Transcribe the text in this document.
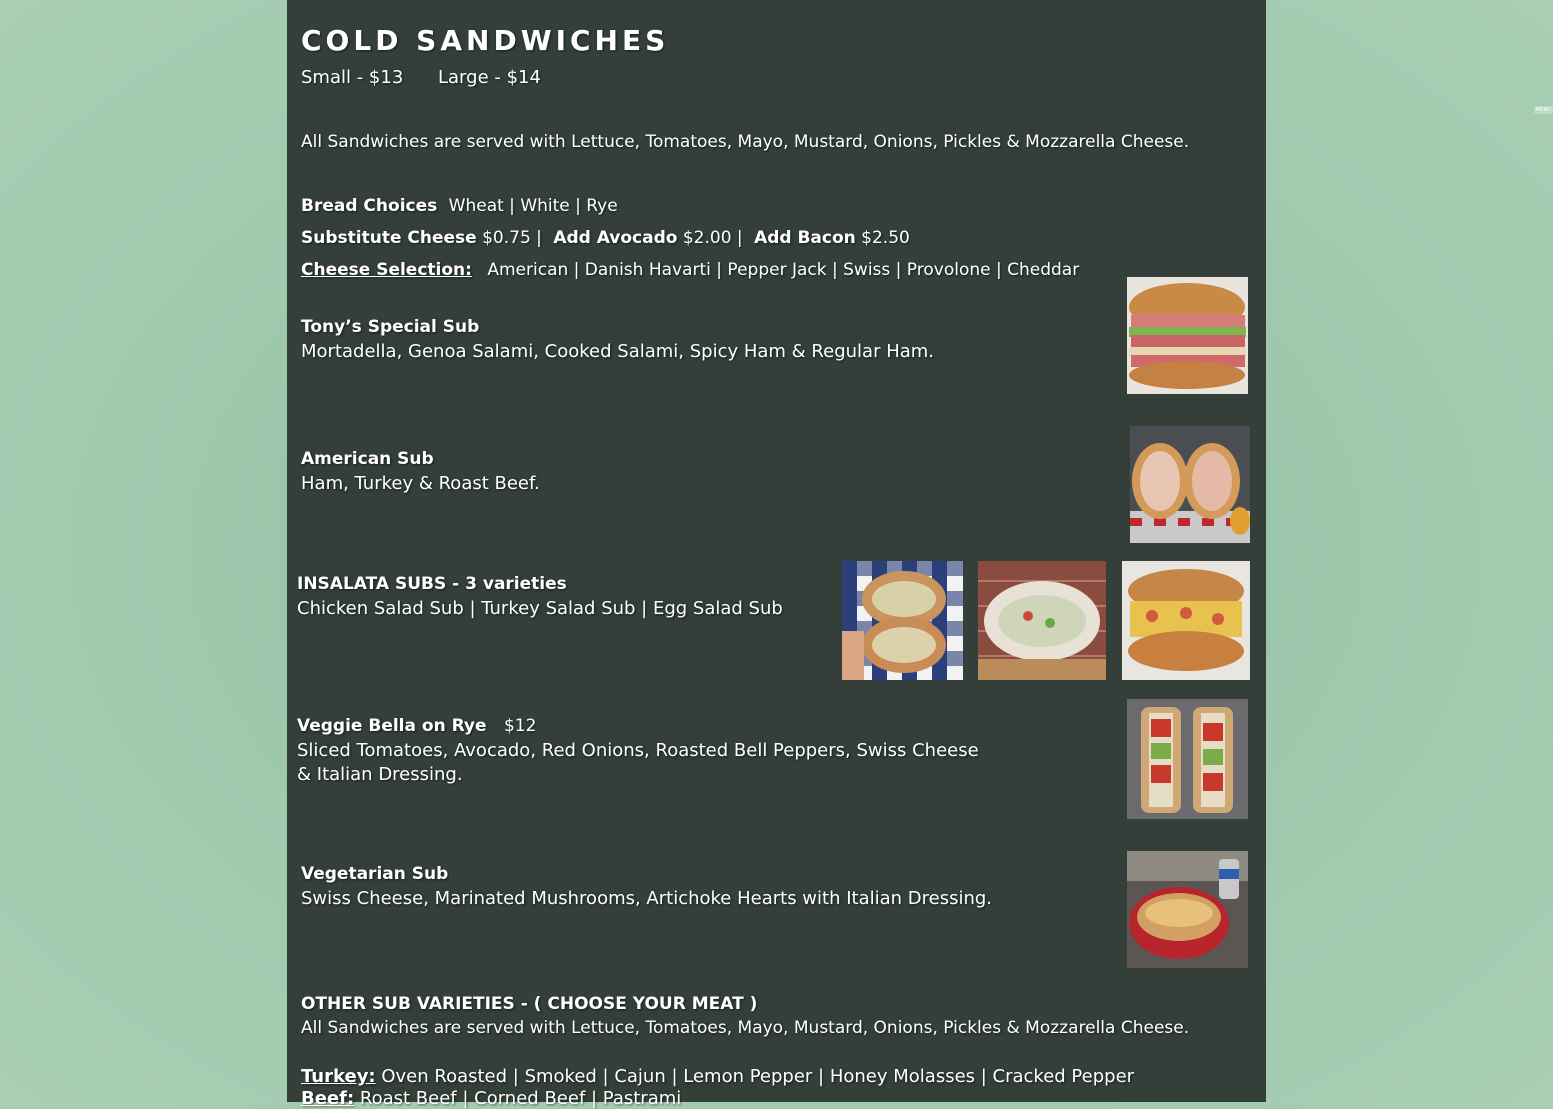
MENU
COLD SANDWICHES
Small - $13 Large - $14
All Sandwiches are served with Lettuce, Tomatoes, Mayo, Mustard, Onions, Pickles & Mozzarella Cheese.
Bread Choices Wheat | White | Rye
Substitute Cheese $0.75 | Add Avocado $2.00 | Add Bacon $2.50
Cheese Selection: American | Danish Havarti | Pepper Jack | Swiss | Provolone | Cheddar
Tony’s Special Sub
Mortadella, Genoa Salami, Cooked Salami, Spicy Ham & Regular Ham.
American Sub
Ham, Turkey & Roast Beef.
INSALATA SUBS - 3 varieties
Chicken Salad Sub | Turkey Salad Sub | Egg Salad Sub
Veggie Bella on Rye $12
Sliced Tomatoes, Avocado, Red Onions, Roasted Bell Peppers, Swiss Cheese
& Italian Dressing.
Vegetarian Sub
Swiss Cheese, Marinated Mushrooms, Artichoke Hearts with Italian Dressing.
OTHER SUB VARIETIES - ( CHOOSE YOUR MEAT )
All Sandwiches are served with Lettuce, Tomatoes, Mayo, Mustard, Onions, Pickles & Mozzarella Cheese.
Turkey: Oven Roasted | Smoked | Cajun | Lemon Pepper | Honey Molasses | Cracked Pepper
Beef: Roast Beef | Corned Beef | Pastrami
